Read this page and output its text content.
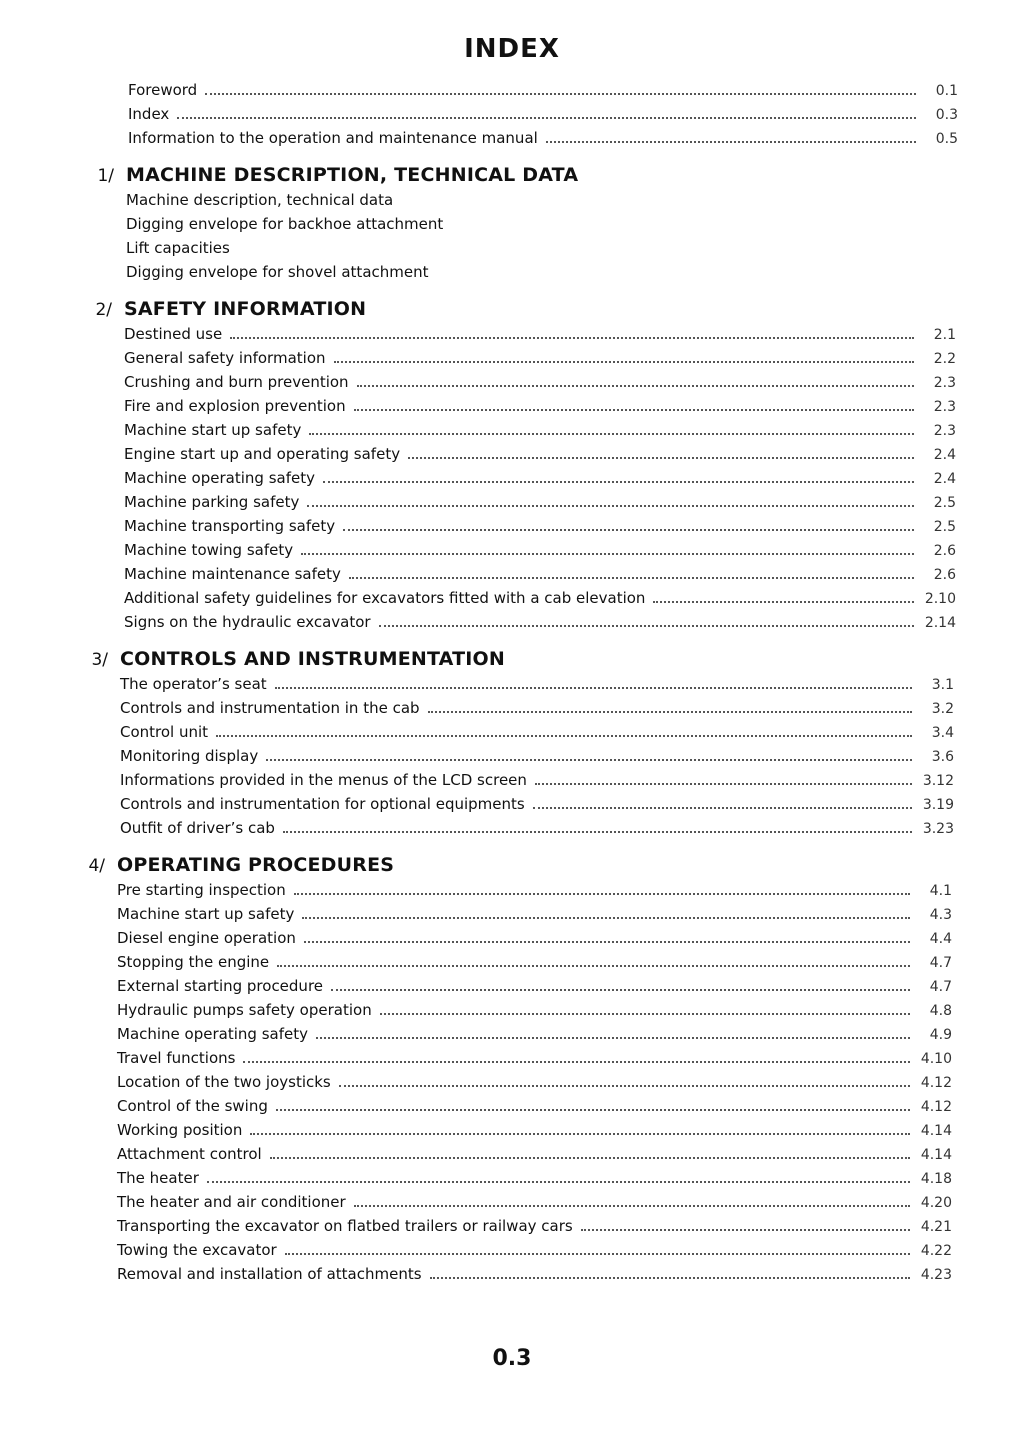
INDEX
Foreword	0.1
Index	0.3
Information to the operation and maintenance manual	0.5
1/ MACHINE DESCRIPTION, TECHNICAL DATA
Machine description, technical data
Digging envelope for backhoe attachment
Lift capacities
Digging envelope for shovel attachment
2/ SAFETY INFORMATION
Destined use	2.1
General safety information	2.2
Crushing and burn prevention	2.3
Fire and explosion prevention	2.3
Machine start up safety	2.3
Engine start up and operating safety	2.4
Machine operating safety	2.4
Machine parking safety	2.5
Machine transporting safety	2.5
Machine towing safety	2.6
Machine maintenance safety	2.6
Additional safety guidelines for excavators fitted with a cab elevation	2.10
Signs on the hydraulic excavator	2.14
3/ CONTROLS AND INSTRUMENTATION
The operator’s seat	3.1
Controls and instrumentation in the cab	3.2
Control unit	3.4
Monitoring display	3.6
Informations provided in the menus of the LCD screen	3.12
Controls and instrumentation for optional equipments	3.19
Outfit of driver’s cab	3.23
4/ OPERATING PROCEDURES
Pre starting inspection	4.1
Machine start up safety	4.3
Diesel engine operation	4.4
Stopping the engine	4.7
External starting procedure	4.7
Hydraulic pumps safety operation	4.8
Machine operating safety	4.9
Travel functions	4.10
Location of the two joysticks	4.12
Control of the swing	4.12
Working position	4.14
Attachment control	4.14
The heater	4.18
The heater and air conditioner	4.20
Transporting the excavator on flatbed trailers or railway cars	4.21
Towing the excavator	4.22
Removal and installation of attachments	4.23
0.3
